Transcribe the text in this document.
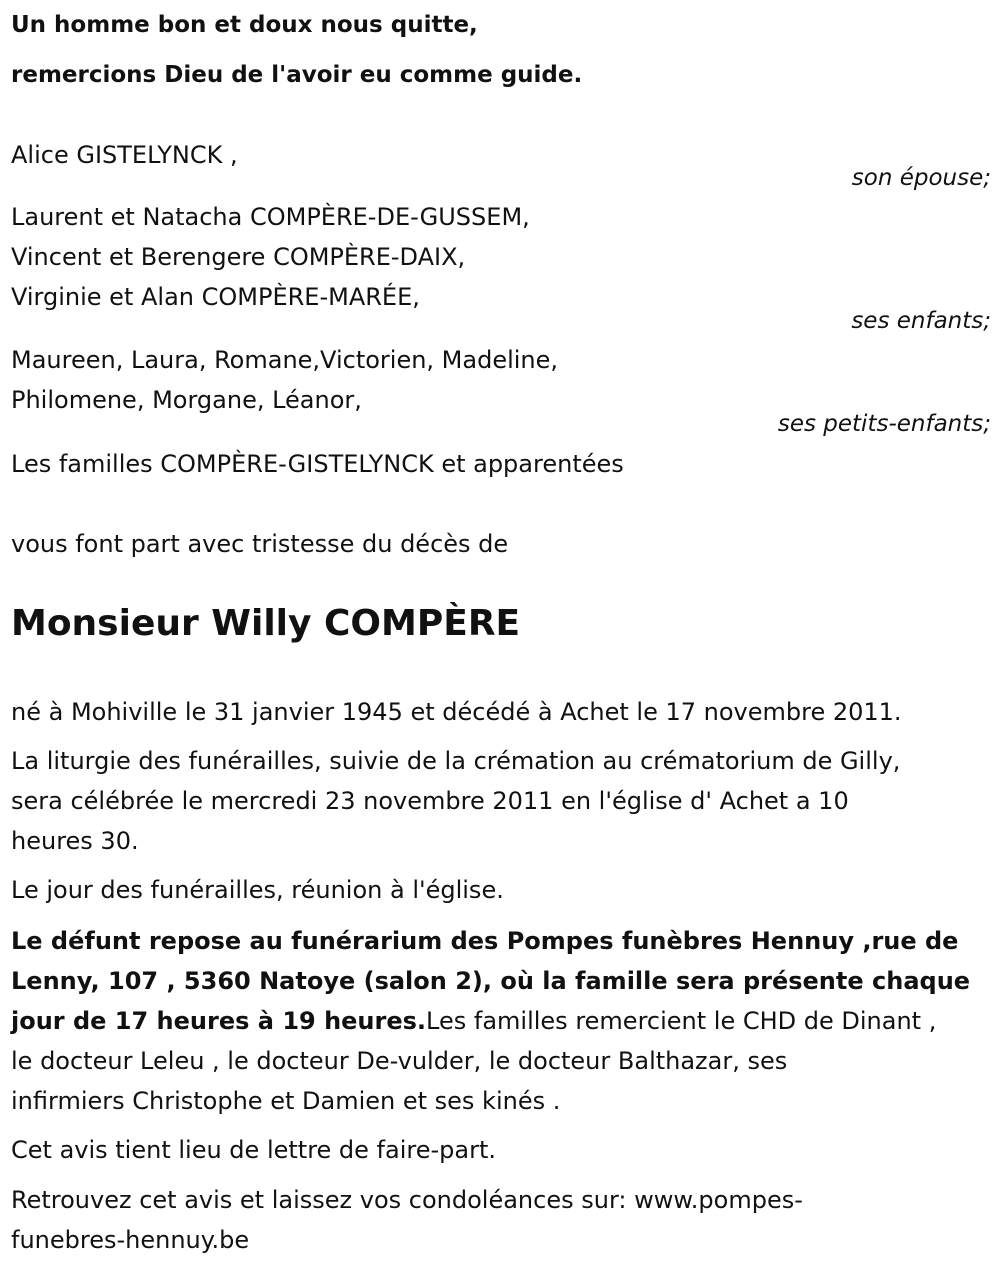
Un homme bon et doux nous quitte,
remercions Dieu de l'avoir eu comme guide.
Alice GISTELYNCK ,
son épouse;
Laurent et Natacha COMPÈRE-DE-GUSSEM,
Vincent et Berengere COMPÈRE-DAIX,
Virginie et Alan COMPÈRE-MARÉE,
ses enfants;
Maureen, Laura, Romane,Victorien, Madeline,
Philomene, Morgane, Léanor,
ses petits-enfants;
Les familles COMPÈRE-GISTELYNCK et apparentées
vous font part avec tristesse du décès de
Monsieur Willy COMPÈRE
né à Mohiville le 31 janvier 1945 et décédé à Achet le 17 novembre 2011.
La liturgie des funérailles, suivie de la crémation au crématorium de Gilly,
sera célébrée le mercredi 23 novembre 2011 en l'église d' Achet a 10
heures 30.
Le jour des funérailles, réunion à l'église.
Le défunt repose au funérarium des Pompes funèbres Hennuy ,rue de
Lenny, 107 , 5360 Natoye (salon 2), où la famille sera présente chaque
jour de 17 heures à 19 heures.Les familles remercient le CHD de Dinant ,
le docteur Leleu , le docteur De-vulder, le docteur Balthazar, ses
infirmiers Christophe et Damien et ses kinés .
Cet avis tient lieu de lettre de faire-part.
Retrouvez cet avis et laissez vos condoléances sur: www.pompes-
funebres-hennuy.be
